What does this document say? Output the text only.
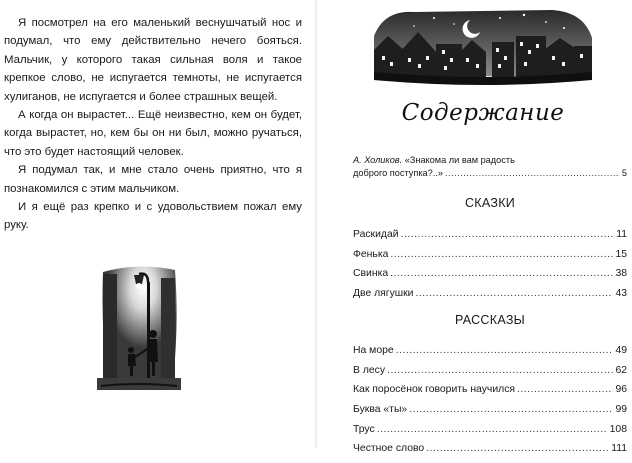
Я посмотрел на его маленький веснушчатый нос и подумал, что ему действительно нечего бояться. Мальчик, у которого такая сильная воля и такое крепкое слово, не испугается темноты, не испугается хулиганов, не испугается и более страшных вещей.

А когда он вырастет... Ещё неизвестно, кем он будет, когда вырастет, но, кем бы он ни был, можно ручаться, что это будет настоящий человек.

Я подумал так, и мне стало очень приятно, что я познакомился с этим мальчиком.

И я ещё раз крепко и с удовольствием пожал ему руку.

Содержание
А. Холиков. «Знакома ли вам радость
доброго поступка?..» .....	5
СКАЗКИ
Раскидай .....	11
Фенька .....	15
Свинка .....	38
Две лягушки .....	43
РАССКАЗЫ
На море .....	49
В лесу .....	62
Как поросёнок говорить научился .....	96
Буква «ты» .....	99
Трус .....	108
Честное слово .....	111
